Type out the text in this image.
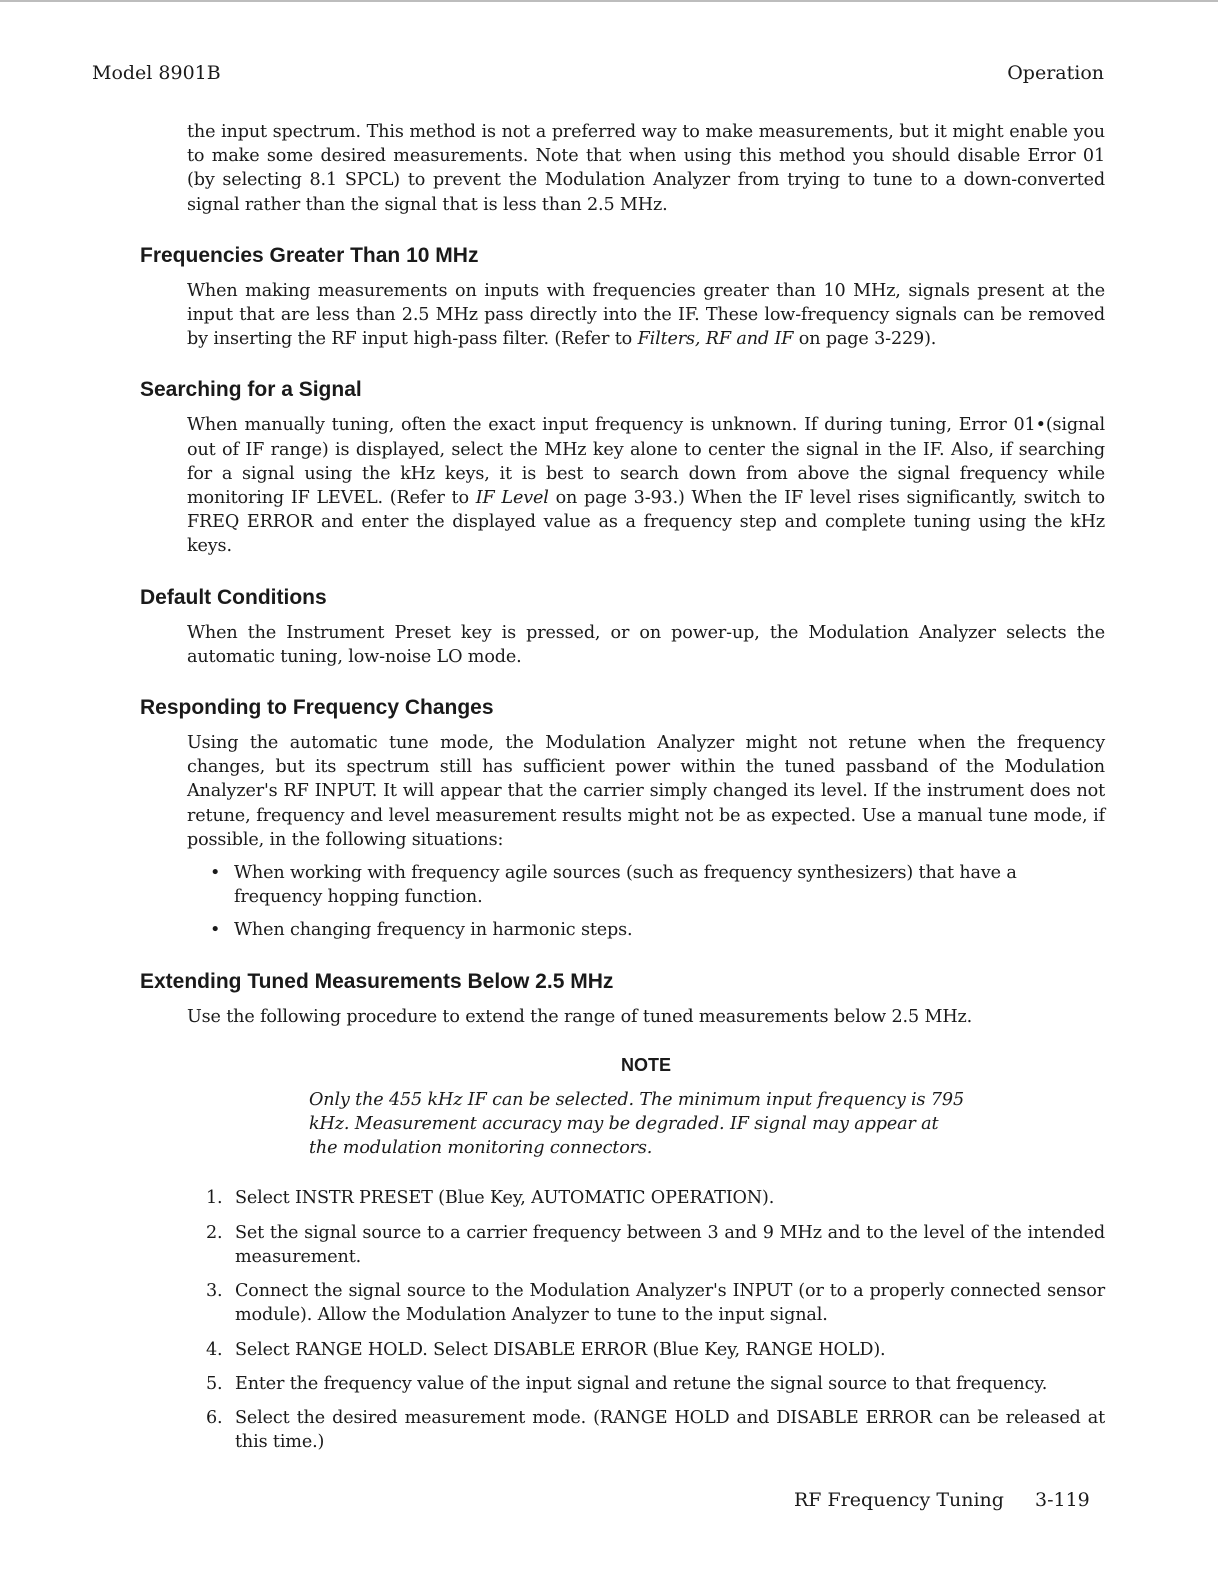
Model 8901B	Operation

the input spectrum. This method is not a preferred way to make measurements, but it might enable you to make some desired measurements. Note that when using this method you should disable Error 01 (by selecting 8.1 SPCL) to prevent the Modulation Analyzer from trying to tune to a down-converted signal rather than the signal that is less than 2.5 MHz.

Frequencies Greater Than 10 MHz

When making measurements on inputs with frequencies greater than 10 MHz, signals present at the input that are less than 2.5 MHz pass directly into the IF. These low-frequency signals can be removed by inserting the RF input high-pass filter. (Refer to Filters, RF and IF on page 3-229).

Searching for a Signal

When manually tuning, often the exact input frequency is unknown. If during tuning, Error 01•(signal out of IF range) is displayed, select the MHz key alone to center the signal in the IF. Also, if searching for a signal using the kHz keys, it is best to search down from above the signal frequency while monitoring IF LEVEL. (Refer to IF Level on page 3-93.) When the IF level rises significantly, switch to FREQ ERROR and enter the displayed value as a frequency step and complete tuning using the kHz keys.

Default Conditions

When the Instrument Preset key is pressed, or on power-up, the Modulation Analyzer selects the automatic tuning, low-noise LO mode.

Responding to Frequency Changes

Using the automatic tune mode, the Modulation Analyzer might not retune when the frequency changes, but its spectrum still has sufficient power within the tuned passband of the Modulation Analyzer's RF INPUT. It will appear that the carrier simply changed its level. If the instrument does not retune, frequency and level measurement results might not be as expected. Use a manual tune mode, if possible, in the following situations:

• When working with frequency agile sources (such as frequency synthesizers) that have a frequency hopping function.
• When changing frequency in harmonic steps.
Extending Tuned Measurements Below 2.5 MHz

Use the following procedure to extend the range of tuned measurements below 2.5 MHz.

NOTE
Only the 455 kHz IF can be selected. The minimum input frequency is 795 kHz. Measurement accuracy may be degraded. IF signal may appear at the modulation monitoring connectors.
1. Select INSTR PRESET (Blue Key, AUTOMATIC OPERATION).
2. Set the signal source to a carrier frequency between 3 and 9 MHz and to the level of the intended measurement.
3. Connect the signal source to the Modulation Analyzer's INPUT (or to a properly connected sensor module). Allow the Modulation Analyzer to tune to the input signal.
4. Select RANGE HOLD. Select DISABLE ERROR (Blue Key, RANGE HOLD).
5. Enter the frequency value of the input signal and retune the signal source to that frequency.
6. Select the desired measurement mode. (RANGE HOLD and DISABLE ERROR can be released at this time.)
RF Frequency Tuning 3-119
